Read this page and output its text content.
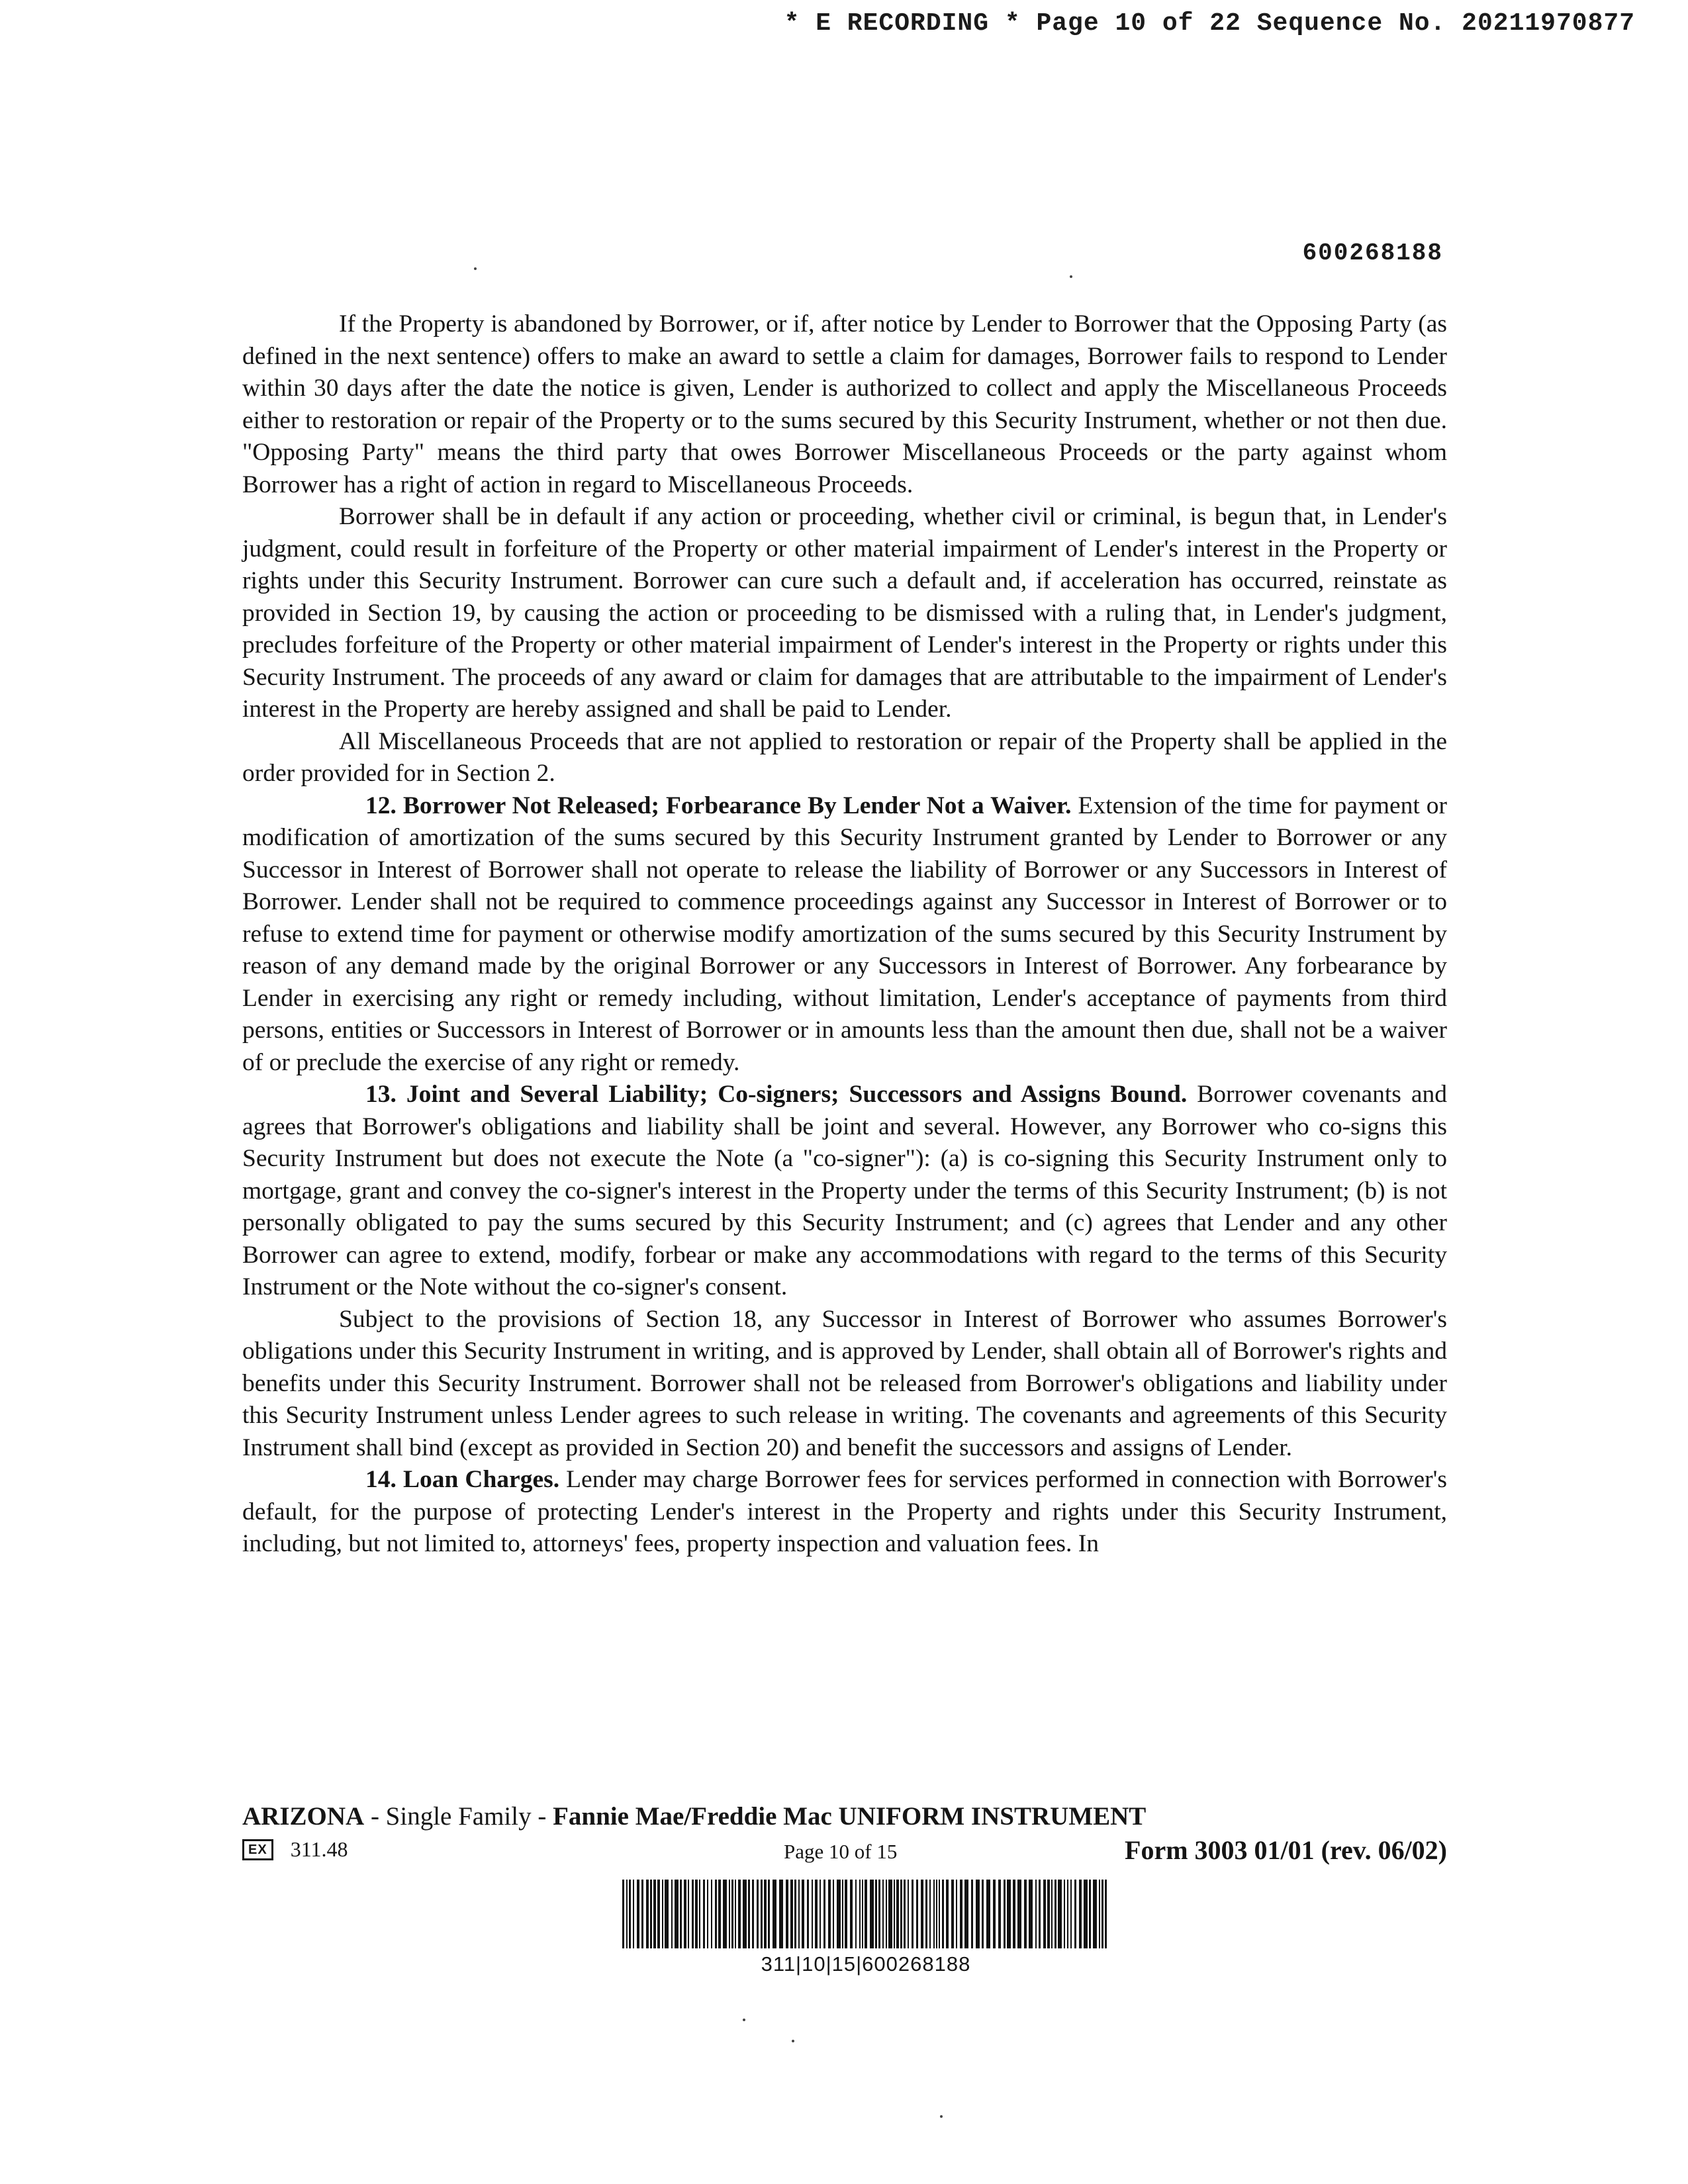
* E RECORDING * Page 10 of 22 Sequence No. 20211970877
600268188

If the Property is abandoned by Borrower, or if, after notice by Lender to Borrower that the Opposing Party (as defined in the next sentence) offers to make an award to settle a claim for damages, Borrower fails to respond to Lender within 30 days after the date the notice is given, Lender is authorized to collect and apply the Miscellaneous Proceeds either to restoration or repair of the Property or to the sums secured by this Security Instrument, whether or not then due. "Opposing Party" means the third party that owes Borrower Miscellaneous Proceeds or the party against whom Borrower has a right of action in regard to Miscellaneous Proceeds.

Borrower shall be in default if any action or proceeding, whether civil or criminal, is begun that, in Lender's judgment, could result in forfeiture of the Property or other material impairment of Lender's interest in the Property or rights under this Security Instrument. Borrower can cure such a default and, if acceleration has occurred, reinstate as provided in Section 19, by causing the action or proceeding to be dismissed with a ruling that, in Lender's judgment, precludes forfeiture of the Property or other material impairment of Lender's interest in the Property or rights under this Security Instrument. The proceeds of any award or claim for damages that are attributable to the impairment of Lender's interest in the Property are hereby assigned and shall be paid to Lender.

All Miscellaneous Proceeds that are not applied to restoration or repair of the Property shall be applied in the order provided for in Section 2.

12. Borrower Not Released; Forbearance By Lender Not a Waiver. Extension of the time for payment or modification of amortization of the sums secured by this Security Instrument granted by Lender to Borrower or any Successor in Interest of Borrower shall not operate to release the liability of Borrower or any Successors in Interest of Borrower. Lender shall not be required to commence proceedings against any Successor in Interest of Borrower or to refuse to extend time for payment or otherwise modify amortization of the sums secured by this Security Instrument by reason of any demand made by the original Borrower or any Successors in Interest of Borrower. Any forbearance by Lender in exercising any right or remedy including, without limitation, Lender's acceptance of payments from third persons, entities or Successors in Interest of Borrower or in amounts less than the amount then due, shall not be a waiver of or preclude the exercise of any right or remedy.

13. Joint and Several Liability; Co-signers; Successors and Assigns Bound. Borrower covenants and agrees that Borrower's obligations and liability shall be joint and several. However, any Borrower who co-signs this Security Instrument but does not execute the Note (a "co-signer"): (a) is co-signing this Security Instrument only to mortgage, grant and convey the co-signer's interest in the Property under the terms of this Security Instrument; (b) is not personally obligated to pay the sums secured by this Security Instrument; and (c) agrees that Lender and any other Borrower can agree to extend, modify, forbear or make any accommodations with regard to the terms of this Security Instrument or the Note without the co-signer's consent.

Subject to the provisions of Section 18, any Successor in Interest of Borrower who assumes Borrower's obligations under this Security Instrument in writing, and is approved by Lender, shall obtain all of Borrower's rights and benefits under this Security Instrument. Borrower shall not be released from Borrower's obligations and liability under this Security Instrument unless Lender agrees to such release in writing. The covenants and agreements of this Security Instrument shall bind (except as provided in Section 20) and benefit the successors and assigns of Lender.

14. Loan Charges. Lender may charge Borrower fees for services performed in connection with Borrower's default, for the purpose of protecting Lender's interest in the Property and rights under this Security Instrument, including, but not limited to, attorneys' fees, property inspection and valuation fees. In

ARIZONA - Single Family - Fannie Mae/Freddie Mac UNIFORM INSTRUMENT
EX 311.48	Page 10 of 15	Form 3003 01/01 (rev. 06/02)
311|10|15|600268188
